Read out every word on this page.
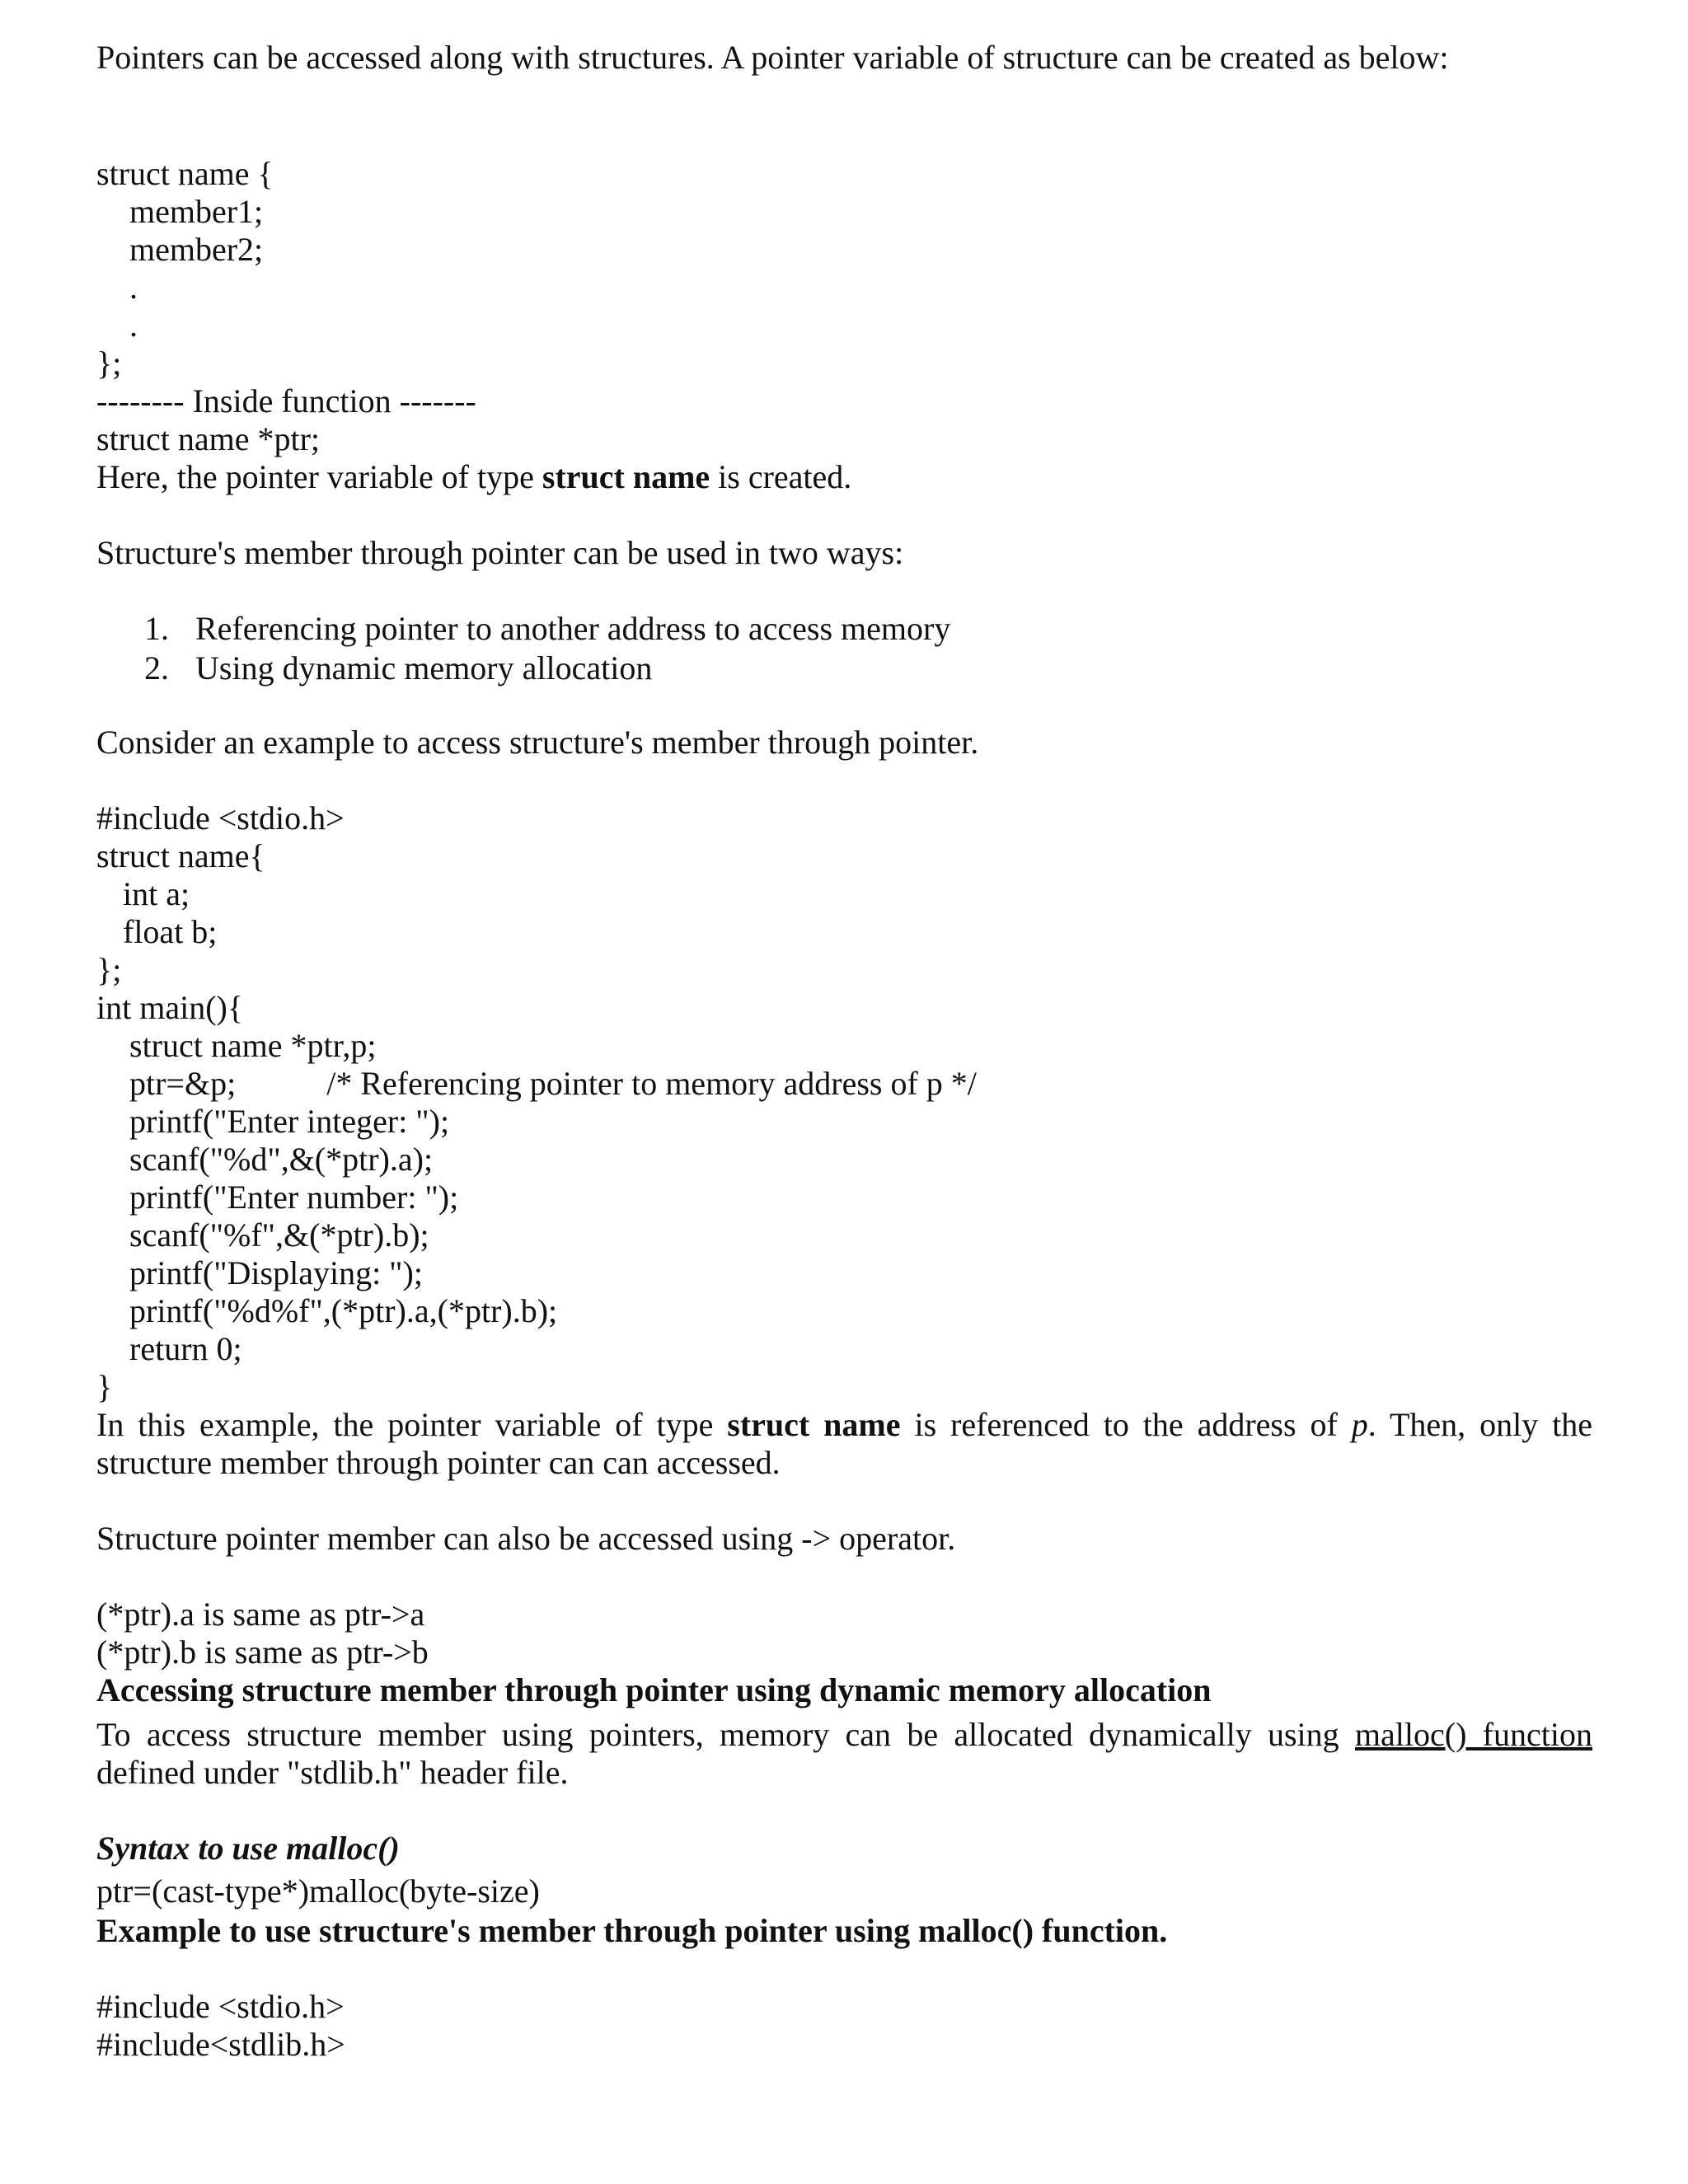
Pointers can be accessed along with structures. A pointer variable of structure can be created as below:

struct name {

member1;

member2;

.

.

};

-------- Inside function -------

struct name *ptr;

Here, the pointer variable of type struct name is created.

Structure's member through pointer can be used in two ways:

1. Referencing pointer to another address to access memory
2. Using dynamic memory allocation

Consider an example to access structure's member through pointer.

#include <stdio.h>

struct name{

int a;

float b;

};

int main(){

struct name *ptr,p;

ptr=&p;           /* Referencing pointer to memory address of p */

printf("Enter integer: ");

scanf("%d",&(*ptr).a);

printf("Enter number: ");

scanf("%f",&(*ptr).b);

printf("Displaying: ");

printf("%d%f",(*ptr).a,(*ptr).b);

return 0;

}

In this example, the pointer variable of type struct name is referenced to the address of p. Then, only the

structure member through pointer can can accessed.

Structure pointer member can also be accessed using -> operator.

(*ptr).a is same as ptr->a

(*ptr).b is same as ptr->b

Accessing structure member through pointer using dynamic memory allocation

To access structure member using pointers, memory can be allocated dynamically using malloc() function

defined under "stdlib.h" header file.

Syntax to use malloc()

ptr=(cast-type*)malloc(byte-size)

Example to use structure's member through pointer using malloc() function.

#include <stdio.h>

#include<stdlib.h>
